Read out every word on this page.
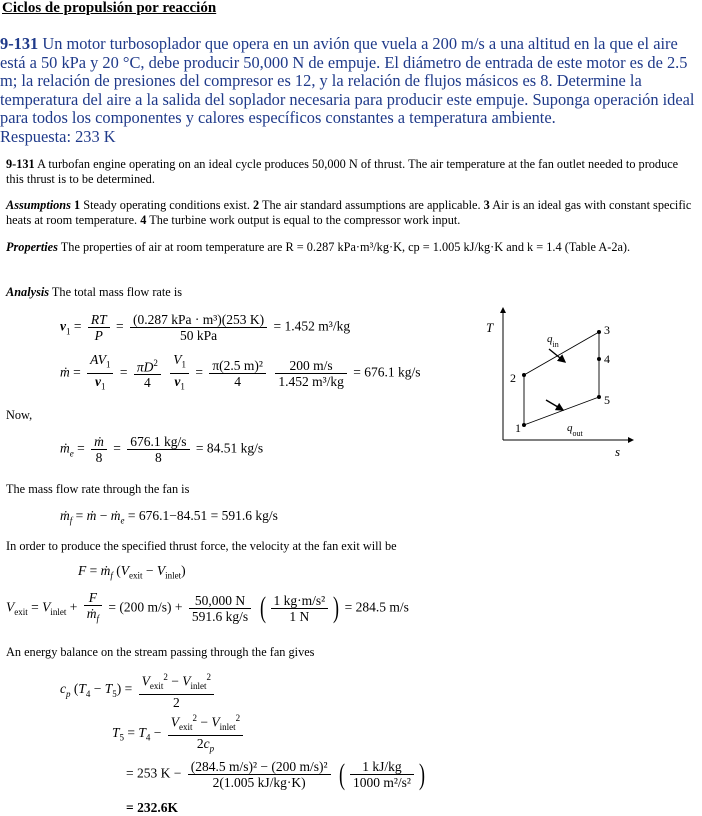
Ciclos de propulsión por reacción
9-131 Un motor turbosoplador que opera en un avión que vuela a 200 m/s a una altitud en la que el aire está a 50 kPa y 20 °C, debe producir 50,000 N de empuje. El diámetro de entrada de este motor es de 2.5 m; la relación de presiones del compresor es 12, y la relación de flujos másicos es 8. Determine la temperatura del aire a la salida del soplador necesaria para producir este empuje. Suponga operación ideal para todos los componentes y calores específicos constantes a temperatura ambiente.
Respuesta: 233 K
9-131 A turbofan engine operating on an ideal cycle produces 50,000 N of thrust. The air temperature at the fan outlet needed to produce this thrust is to be determined.
Assumptions 1 Steady operating conditions exist. 2 The air standard assumptions are applicable. 3 Air is an ideal gas with constant specific heats at room temperature. 4 The turbine work output is equal to the compressor work input.
Properties The properties of air at room temperature are R = 0.287 kPa·m³/kg·K, cp = 1.005 kJ/kg·K and k = 1.4 (Table A-2a).
Analysis The total mass flow rate is
$v_1 = \frac{RT}{P} = \frac{\text{(0.287 kPa · m³)(253 K)}}{\text{50 kPa}} = 1.452$ m³/kg
ṁ = $\frac{AV_1}{v_1} = \frac{\pi D^2}{4}$
$\frac{V_1}{v_1} = \frac{\text{π(2.5 m)²}}{4}$
$\frac{200 m/s}{\text{1.452 m³/kg}} = 676.1$ kg/s
Now,
ṁ$_e$ = $\frac{\text{ṁ}}{8} = \frac{676.1 kg/s}{8} = 84.51$ kg/s
The mass flow rate through the fan is
ṁ$_f$ = ṁ − ṁ$_e$ = 676.1−84.51 = 591.6 kg/s
In order to produce the specified thrust force, the velocity at the fan exit will be
F = ṁ$_f$ $(V_{exit} - V_{inlet})$
$V_{exit} = V_{inlet} + \frac{F}{ṁ_f} = (200$ $m/s) + \frac{50,000 N}{591.6 kg/s}$ ( $\frac{\text{1 kg·m/s²}}{1 N}$ ) = 284.5 m/s
An energy balance on the stream passing through the fan gives
$c_p$ $(T_4 - T_5) = \frac{V_{exit}^2 - V_{inlet}^2}{2}$
$T_5 = T_4 - \frac{V_{exit}^2 - V_{inlet}^2}{2c_p}$
= 253 $K - \frac{\text{(284.5 m/s)² − (200 m/s)²}}{2(1.005 kJ/kg\cdot K)}$ ( $\frac{1 kJ/kg}{\text{1000 m²/s²}}$ )
= 232.6K
T
s
$q_{in}$
$q_{out}$
1
2
3
4
5
